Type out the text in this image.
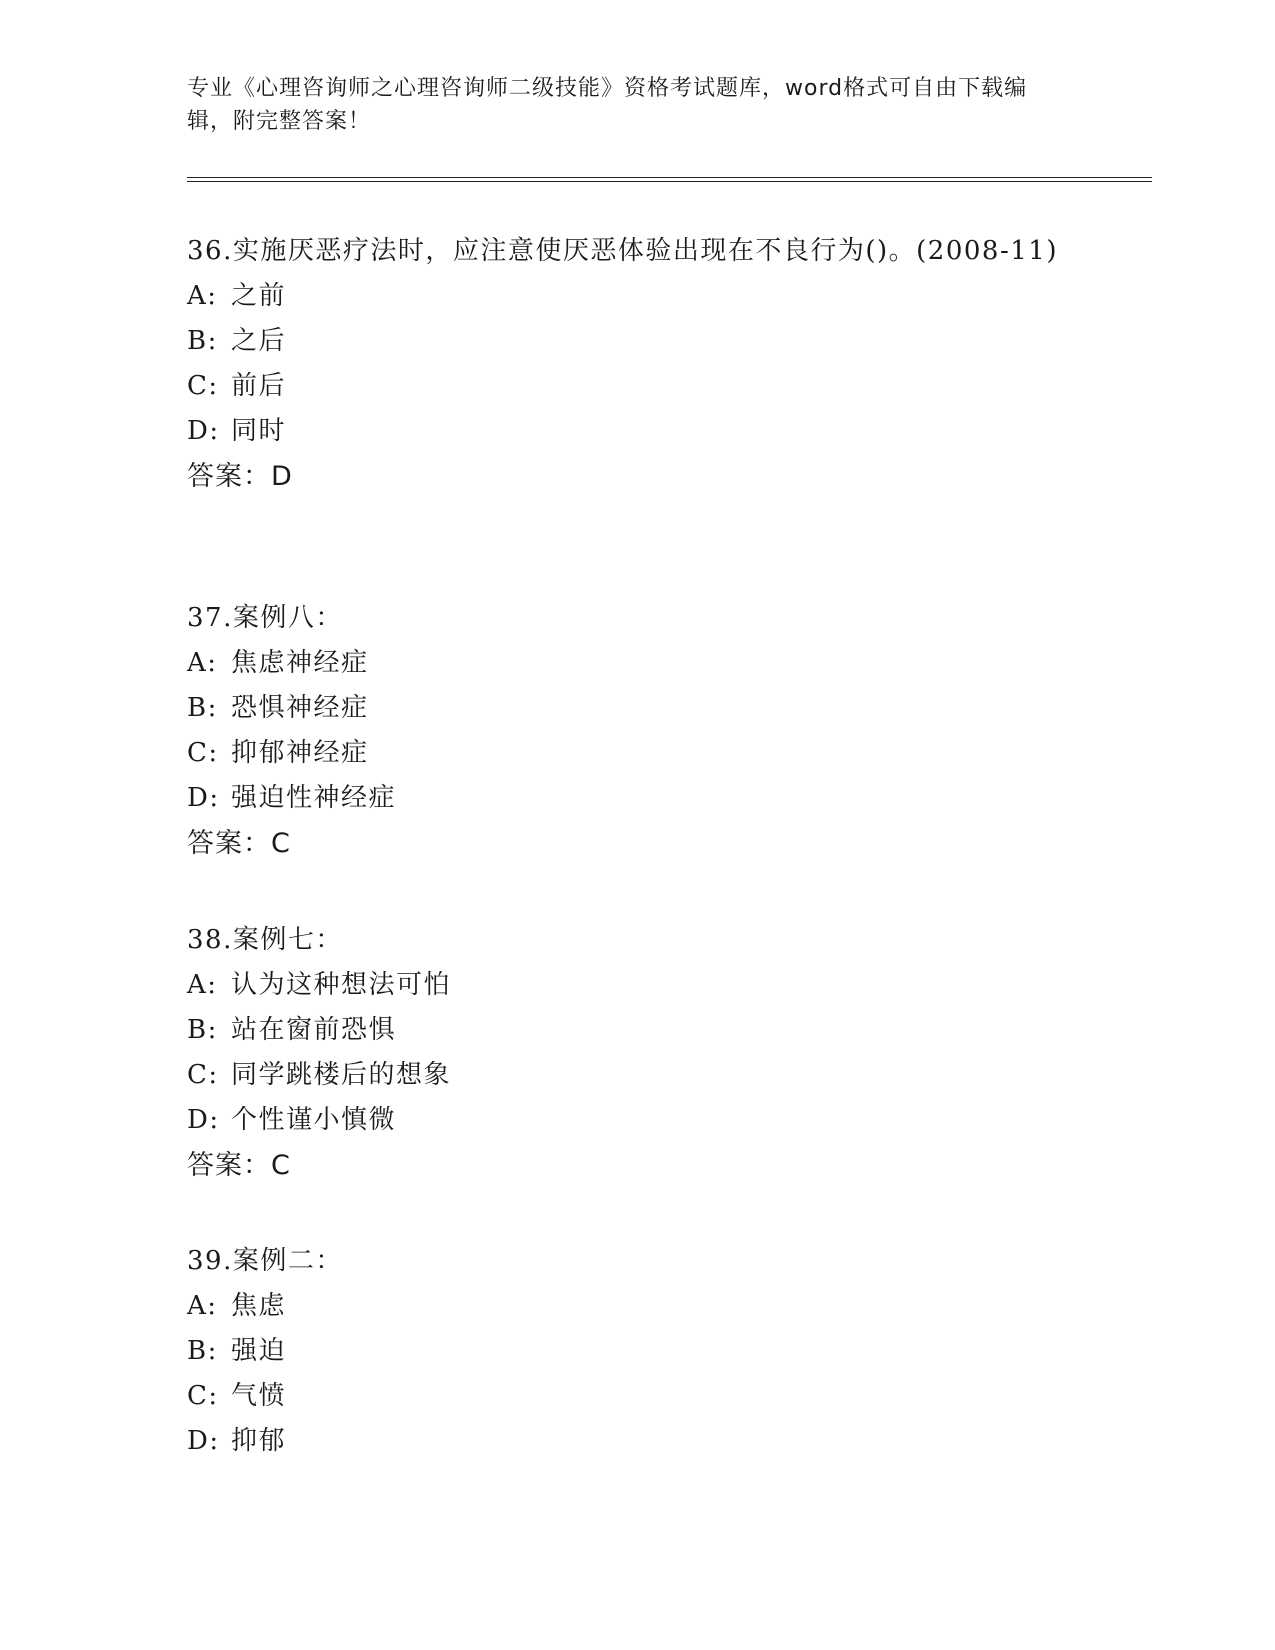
专业《心理咨询师之心理咨询师二级技能》资格考试题库，word格式可自由下载编辑，附完整答案！
36.实施厌恶疗法时，应注意使厌恶体验出现在不良行为()。(2008-11)
A: 之前
B: 之后
C: 前后
D: 同时
答案：D
37.案例八：
A: 焦虑神经症
B: 恐惧神经症
C: 抑郁神经症
D: 强迫性神经症
答案：C
38.案例七：
A: 认为这种想法可怕
B: 站在窗前恐惧
C: 同学跳楼后的想象
D: 个性谨小慎微
答案：C
39.案例二：
A: 焦虑
B: 强迫
C: 气愤
D: 抑郁
